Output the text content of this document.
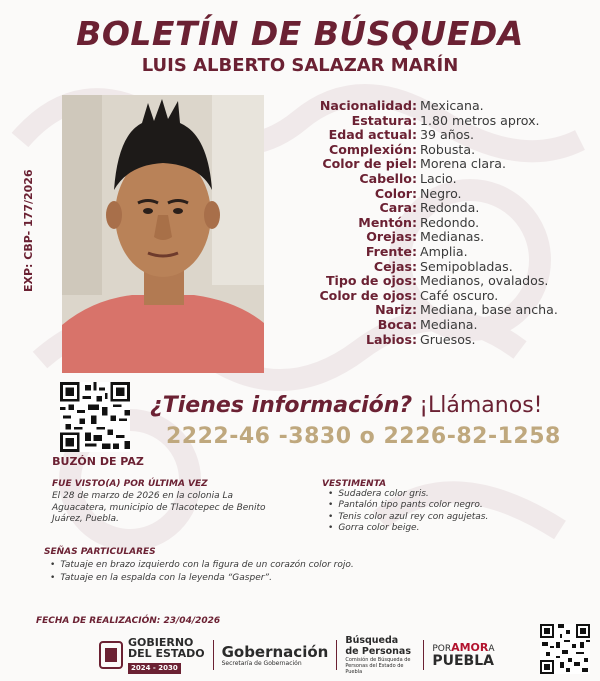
BOLETÍN DE BÚSQUEDA
LUIS ALBERTO SALAZAR MARÍN
EXP: CBP- 177/2026
Nacionalidad: Mexicana.
Estatura: 1.80 metros aprox.
Edad actual: 39 años.
Complexión: Robusta.
Color de piel: Morena clara.
Cabello: Lacio.
Color: Negro.
Cara: Redonda.
Mentón: Redondo.
Orejas: Medianas.
Frente: Amplia.
Cejas: Semipobladas.
Tipo de ojos: Medianos, ovalados.
Color de ojos: Café oscuro.
Nariz: Mediana, base ancha.
Boca: Mediana.
Labios: Gruesos.
BUZÓN DE PAZ
¿Tienes información? ¡Llámanos!
2222-46 -3830 o 2226-82-1258
FUE VISTO(A) POR ÚLTIMA VEZ
El 28 de marzo de 2026 en la colonia La Aguacatera, municipio de Tlacotepec de Benito Juárez, Puebla.
VESTIMENTA
• Sudadera color gris.
• Pantalón tipo pants color negro.
• Tenis color azul rey con agujetas.
• Gorra color beige.
SEÑAS PARTICULARES
• Tatuaje en brazo izquierdo con la figura de un corazón color rojo.
• Tatuaje en la espalda con la leyenda “Gasper”.
FECHA DE REALIZACIÓN: 23/04/2026
GOBIERNO
DEL ESTADO
2024 - 2030
Gobernación
Secretaría de Gobernación
Búsqueda
de Personas
Comisión de Búsqueda de Personas del Estado de Puebla
PORAMORA
PUEBLA
